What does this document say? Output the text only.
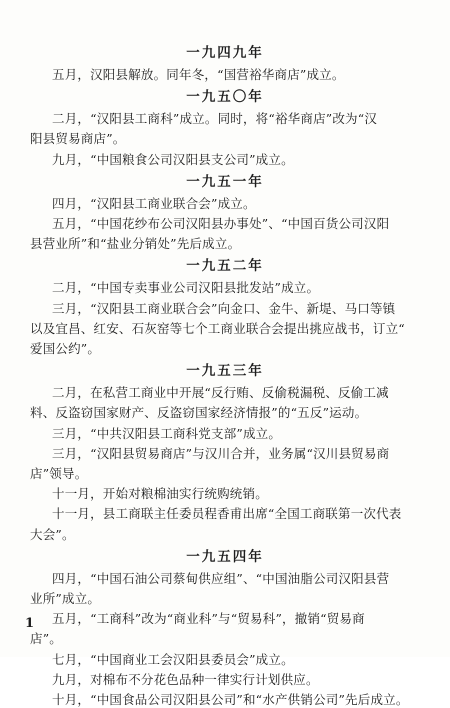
1
一九四九年
五月，汉阳县解放。同年冬，“国营裕华商店”成立。
一九五〇年
二月，“汉阳县工商科”成立。同时，将“裕华商店”改为“汉
阳县贸易商店”。
九月，“中国粮食公司汉阳县支公司”成立。
一九五一年
四月，“汉阳县工商业联合会”成立。
五月，“中国花纱布公司汉阳县办事处”、“中国百货公司汉阳
县营业所”和“盐业分销处”先后成立。
一九五二年
二月，“中国专卖事业公司汉阳县批发站”成立。
三月，“汉阳县工商业联合会”向金口、金牛、新堤、马口等镇
以及宜昌、红安、石灰窑等七个工商业联合会提出挑应战书，订立“
爱国公约”。
一九五三年
二月，在私营工商业中开展“反行贿、反偷税漏税、反偷工减
料、反盗窃国家财产、反盗窃国家经济情报”的“五反”运动。
三月，“中共汉阳县工商科党支部”成立。
三月，“汉阳县贸易商店”与汉川合并，业务属“汉川县贸易商
店”领导。
十一月，开始对粮棉油实行统购统销。
十一月，县工商联主任委员程香甫出席“全国工商联第一次代表
大会”。
一九五四年
四月，“中国石油公司蔡甸供应组”、“中国油脂公司汉阳县营
业所”成立。
五月，“工商科”改为“商业科”与“贸易科”，撤销“贸易商
店”。
七月，“中国商业工会汉阳县委员会”成立。
九月，对棉布不分花色品种一律实行计划供应。
十月，“中国食品公司汉阳县公司”和“水产供销公司”先后成立。
